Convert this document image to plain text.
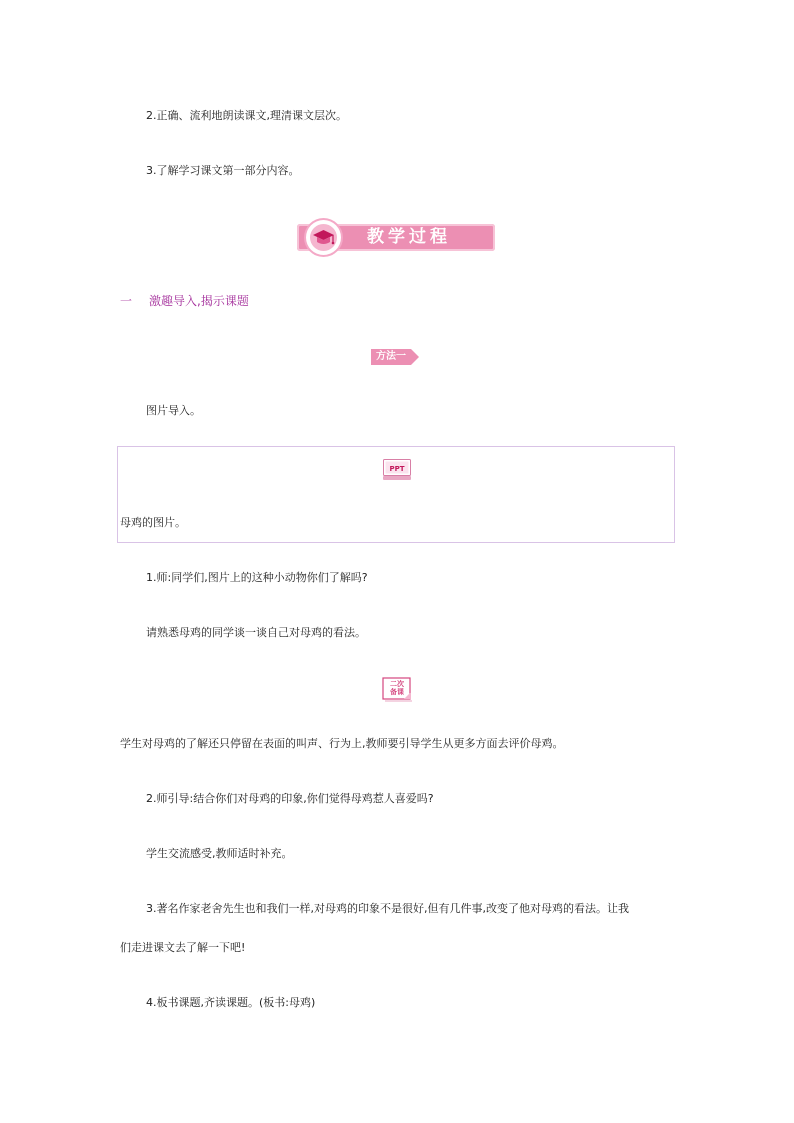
2.正确、流利地朗读课文,理清课文层次。
3.了解学习课文第一部分内容。
教学过程
一 激趣导入,揭示课题
方法一
图片导入。
PPT
母鸡的图片。
1.师:同学们,图片上的这种小动物你们了解吗?
请熟悉母鸡的同学谈一谈自己对母鸡的看法。
二次
备课
学生对母鸡的了解还只停留在表面的叫声、行为上,教师要引导学生从更多方面去评价母鸡。
2.师引导:结合你们对母鸡的印象,你们觉得母鸡惹人喜爱吗?
学生交流感受,教师适时补充。
3.著名作家老舍先生也和我们一样,对母鸡的印象不是很好,但有几件事,改变了他对母鸡的看法。让我
们走进课文去了解一下吧!
4.板书课题,齐读课题。(板书:母鸡)
